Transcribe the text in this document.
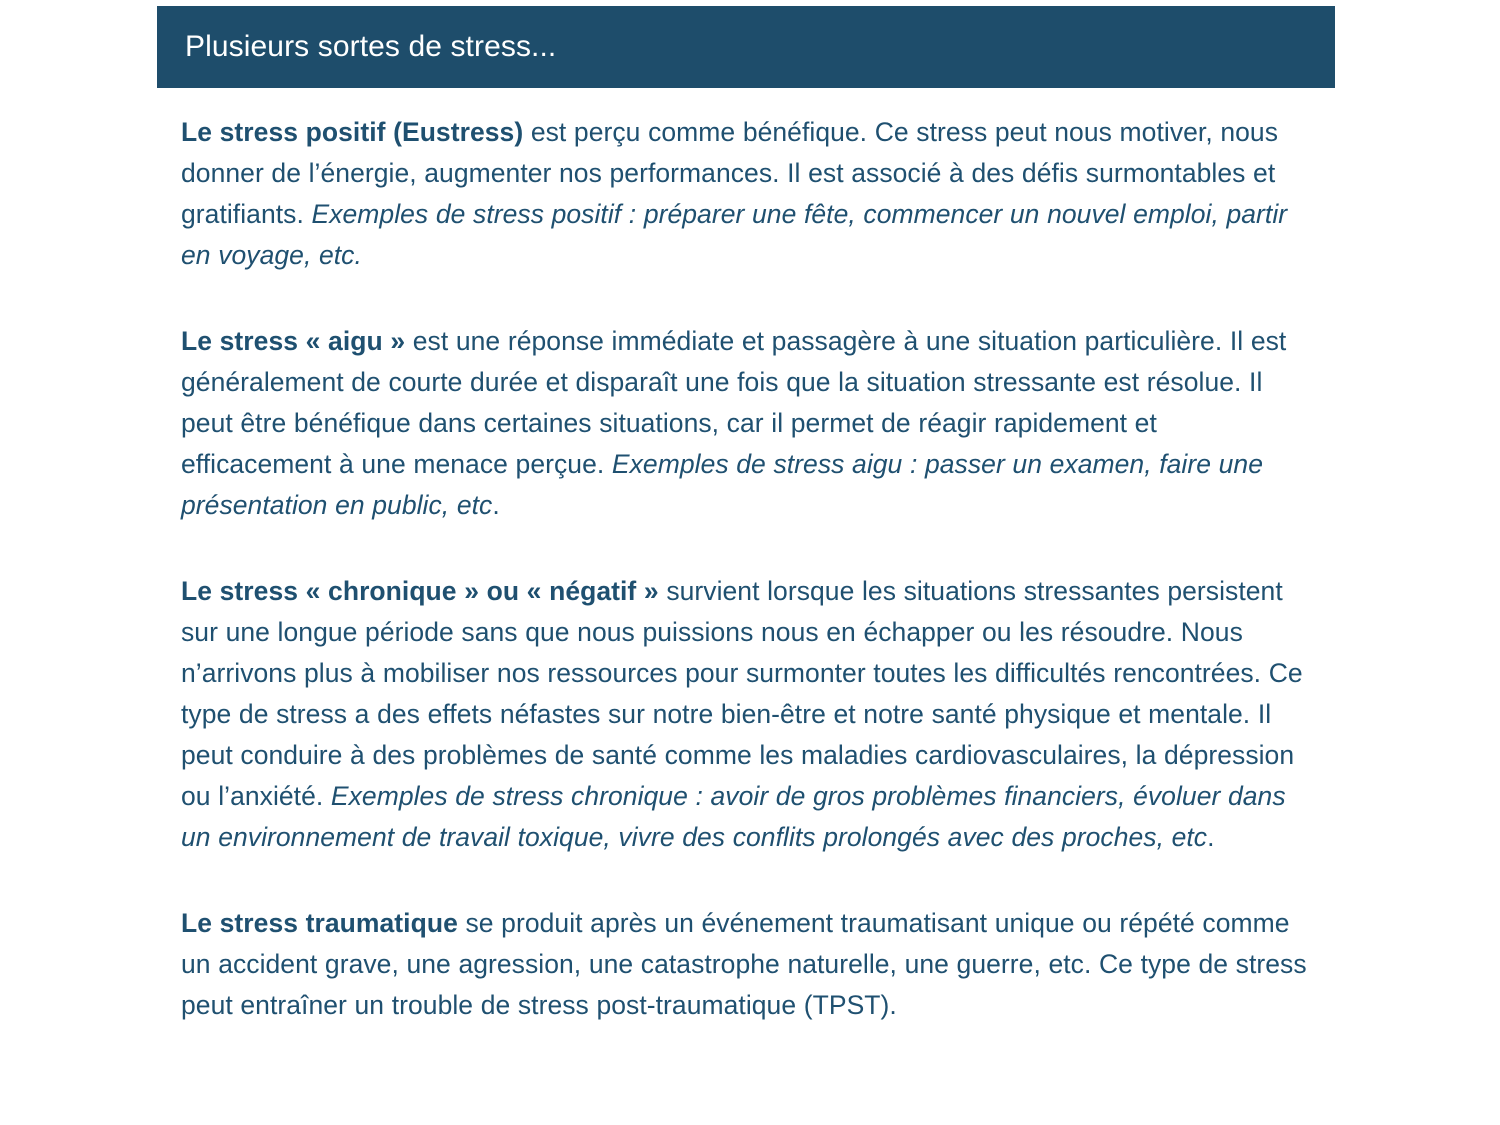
Plusieurs sortes de stress...

Le stress positif (Eustress) est perçu comme bénéfique. Ce stress peut nous motiver, nous donner de l’énergie, augmenter nos performances. Il est associé à des défis surmontables et gratifiants. Exemples de stress positif : préparer une fête, commencer un nouvel emploi, partir en voyage, etc.

Le stress « aigu » est une réponse immédiate et passagère à une situation particulière. Il est généralement de courte durée et disparaît une fois que la situation stressante est résolue. Il peut être bénéfique dans certaines situations, car il permet de réagir rapidement et efficacement à une menace perçue. Exemples de stress aigu : passer un examen, faire une présentation en public, etc.

Le stress « chronique » ou « négatif » survient lorsque les situations stressantes persistent sur une longue période sans que nous puissions nous en échapper ou les résoudre. Nous n’arrivons plus à mobiliser nos ressources pour surmonter toutes les difficultés rencontrées. Ce type de stress a des effets néfastes sur notre bien-être et notre santé physique et mentale. Il peut conduire à des problèmes de santé comme les maladies cardiovasculaires, la dépression ou l’anxiété. Exemples de stress chronique : avoir de gros problèmes financiers, évoluer dans un environnement de travail toxique, vivre des conflits prolongés avec des proches, etc.

Le stress traumatique se produit après un événement traumatisant unique ou répété comme un accident grave, une agression, une catastrophe naturelle, une guerre, etc. Ce type de stress peut entraîner un trouble de stress post-traumatique (TPST).
